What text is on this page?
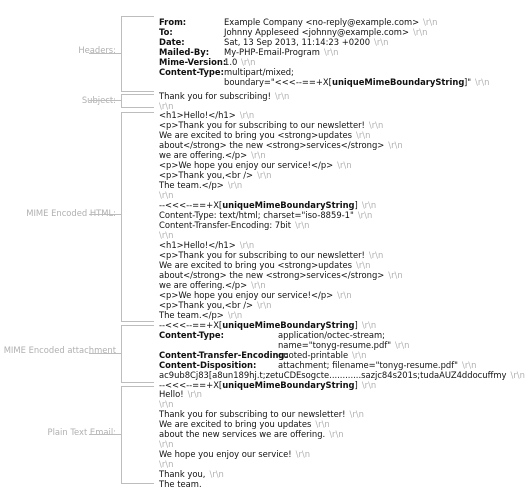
Headers:
Subject:
MIME Encoded HTML:
MIME Encoded attachment
Plain Text Email:
From:	Example Company <no-reply@example.com> \r\n
To:	Johnny Appleseed <johnny@example.com> \r\n
Date:	Sat, 13 Sep 2013, 11:14:23 +0200 \r\n
Mailed-By: My-PHP-Email-Program \r\n
Mime-Version:
1.0 \r\n
Content-Type: multipart/mixed;
boundary="<<<--==+X[ uniqueMimeBoundaryString ]" \r\n
Thank you for subscribing! \r\n
\r\n
<h1>Hello!</h1> \r\n
<p>Thank you for subscribing to our newsletter! \r\n
We are excited to bring you <strong>updates \r\n
about</strong> the new <strong>services</strong> \r\n
we are offering.</p> \r\n
<p>We hope you enjoy our service!</p> \r\n
<p>Thank you,<br /> \r\n
The team.</p> \r\n
\r\n
--<<<--==+X[uniqueMimeBoundaryString] \r\n
Content-Type: text/html; charset="iso-8859-1" \r\n
Content-Transfer-Encoding: 7bit \r\n
\r\n
<h1>Hello!</h1> \r\n
<p>Thank you for subscribing to our newsletter! \r\n
We are excited to bring you <strong>updates \r\n
about</strong> the new <strong>services</strong> \r\n
we are offering.</p> \r\n
<p>We hope you enjoy our service!</p> \r\n
<p>Thank you,<br /> \r\n
The team.</p> \r\n
--<<<--==+X[uniqueMimeBoundaryString] \r\n
Content-Type:	application/octec-stream;
name="tonyg-resume.pdf" \r\n
Content-Transfer-Encoding:
quoted-printable \r\n
Content-Disposition:	attachment; filename="tonyg-resume.pdf" \r\n
ac9ub8Cj83[a8un189hj.t;zetuCDEsogcte............sazjc84s201s;tudaAUZ4ddocuffmy \r\n
--<<<--==+X[uniqueMimeBoundaryString] \r\n
Hello! \r\n
\r\n
Thank you for subscribing to our newsletter! \r\n
We are excited to bring you updates \r\n
about the new services we are offering. \r\n
\r\n
We hope you enjoy our service! \r\n
\r\n
Thank you, \r\n
The team.
